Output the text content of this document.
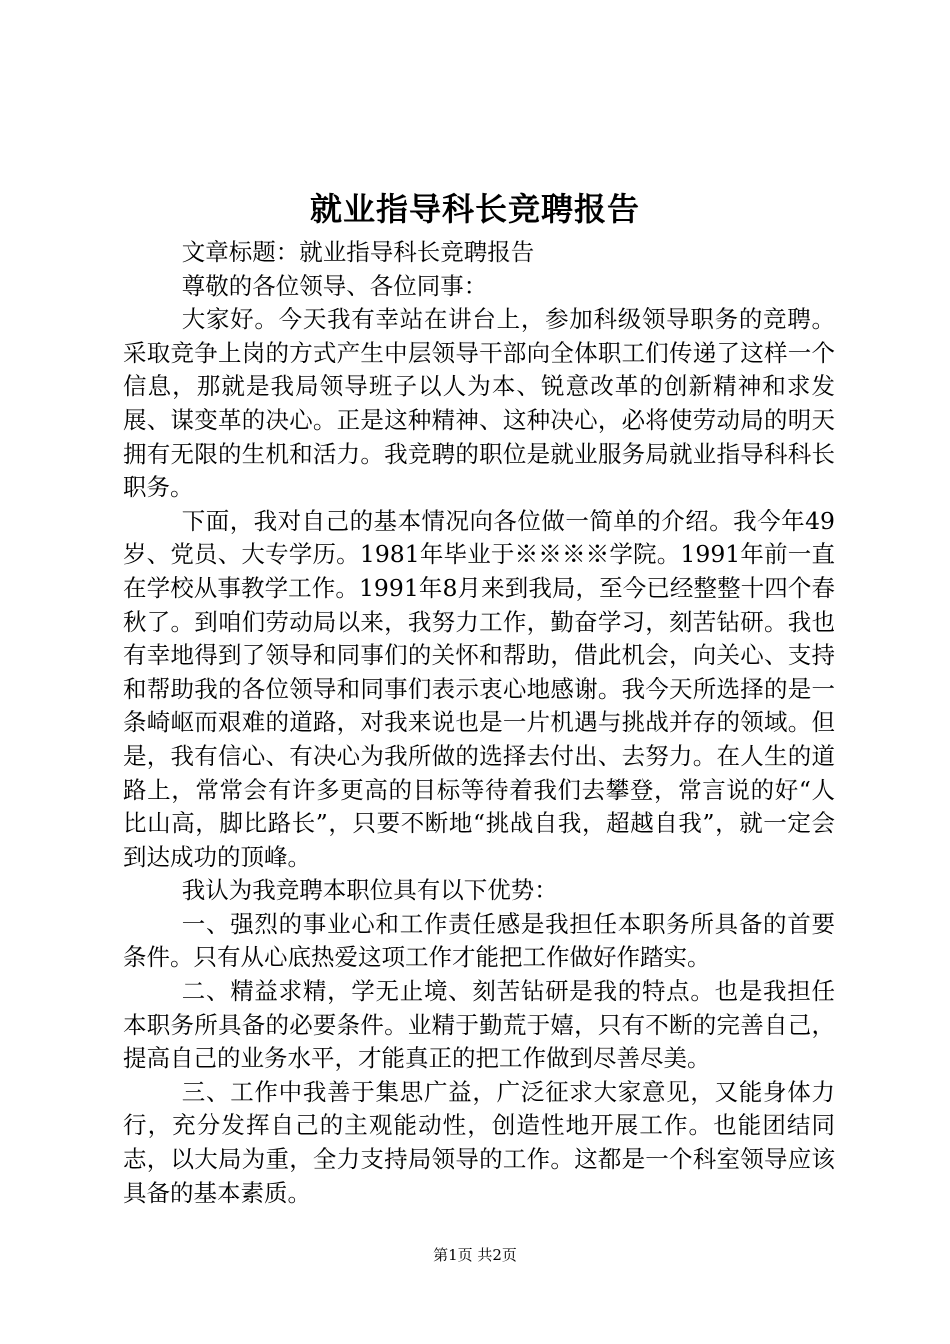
就业指导科长竞聘报告

文章标题：就业指导科长竞聘报告

尊敬的各位领导、各位同事：

大家好。今天我有幸站在讲台上，参加科级领导职务的竞聘。采取竞争上岗的方式产生中层领导干部向全体职工们传递了这样一个信息，那就是我局领导班子以人为本、锐意改革的创新精神和求发展、谋变革的决心。正是这种精神、这种决心，必将使劳动局的明天拥有无限的生机和活力。我竞聘的职位是就业服务局就业指导科科长职务。

下面，我对自己的基本情况向各位做一简单的介绍。我今年49岁、党员、大专学历。1981年毕业于※※※※学院。1991年前一直在学校从事教学工作。1991年8月来到我局，至今已经整整十四个春秋了。到咱们劳动局以来，我努力工作，勤奋学习，刻苦钻研。我也有幸地得到了领导和同事们的关怀和帮助，借此机会，向关心、支持和帮助我的各位领导和同事们表示衷心地感谢。我今天所选择的是一条崎岖而艰难的道路，对我来说也是一片机遇与挑战并存的领域。但是，我有信心、有决心为我所做的选择去付出、去努力。在人生的道路上，常常会有许多更高的目标等待着我们去攀登，常言说的好“人比山高，脚比路长”，只要不断地“挑战自我，超越自我”，就一定会到达成功的顶峰。

我认为我竞聘本职位具有以下优势：

一、强烈的事业心和工作责任感是我担任本职务所具备的首要条件。只有从心底热爱这项工作才能把工作做好作踏实。

二、精益求精，学无止境、刻苦钻研是我的特点。也是我担任本职务所具备的必要条件。业精于勤荒于嬉，只有不断的完善自己，提高自己的业务水平，才能真正的把工作做到尽善尽美。

三、工作中我善于集思广益，广泛征求大家意见，又能身体力行，充分发挥自己的主观能动性，创造性地开展工作。也能团结同志，以大局为重，全力支持局领导的工作。这都是一个科室领导应该具备的基本素质。

第1页 共2页
